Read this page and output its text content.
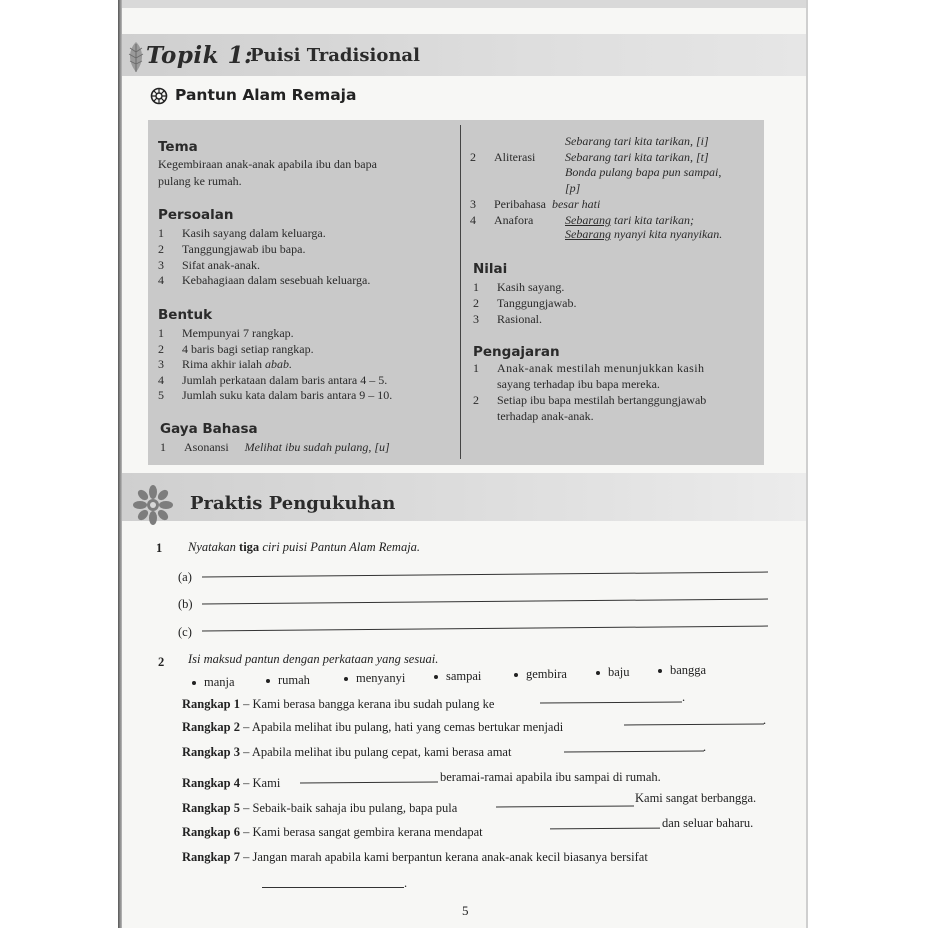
Topik 1:
Puisi Tradisional
Pantun Alam Remaja
Tema
Kegembiraan anak-anak apabila ibu dan bapa
pulang ke rumah.
Persoalan
1 Kasih sayang dalam keluarga.
2 Tanggungjawab ibu bapa.
3 Sifat anak-anak.
4 Kebahagiaan dalam sesebuah keluarga.
Bentuk
1 Mempunyai 7 rangkap.
2 4 baris bagi setiap rangkap.
3 Rima akhir ialah abab.
4 Jumlah perkataan dalam baris antara 4 – 5.
5 Jumlah suku kata dalam baris antara 9 – 10.
Gaya Bahasa
1 Asonansi Melihat ibu sudah pulang, [u]
Sebarang tari kita tarikan, [i]
2 Aliterasi Sebarang tari kita tarikan, [t]
Bonda pulang bapa pun sampai,
[p]
3 Peribahasa besar hati
4 Anafora	Sebarang tari kita tarikan;
Sebarang nyanyi kita nyanyikan.
Nilai
1 Kasih sayang.
2 Tanggungjawab.
3 Rasional.
Pengajaran
1 Anak-anak mestilah menunjukkan kasih
sayang terhadap ibu bapa mereka.
2 Setiap ibu bapa mestilah bertanggungjawab
terhadap anak-anak.
Praktis Pengukuhan
1 Nyatakan tiga ciri puisi Pantun Alam Remaja.
(a)
(b)
(c)
2 Isi maksud pantun dengan perkataan yang sesuai.
manja	rumah	menyanyi	sampai	gembira	baju	bangga
Rangkap 1 – Kami berasa bangga kerana ibu sudah pulang ke	.
Rangkap 2 – Apabila melihat ibu pulang, hati yang cemas bertukar menjadi	.
Rangkap 3 – Apabila melihat ibu pulang cepat, kami berasa amat	.
Rangkap 4 – Kami	beramai-ramai apabila ibu sampai di rumah.
Rangkap 5 – Sebaik-baik sahaja ibu pulang, bapa pula
Kami sangat berbangga.
Rangkap 6 – Kami berasa sangat gembira kerana mendapat
dan seluar baharu.
Rangkap 7 – Jangan marah apabila kami berpantun kerana anak-anak kecil biasanya bersifat
.
5
